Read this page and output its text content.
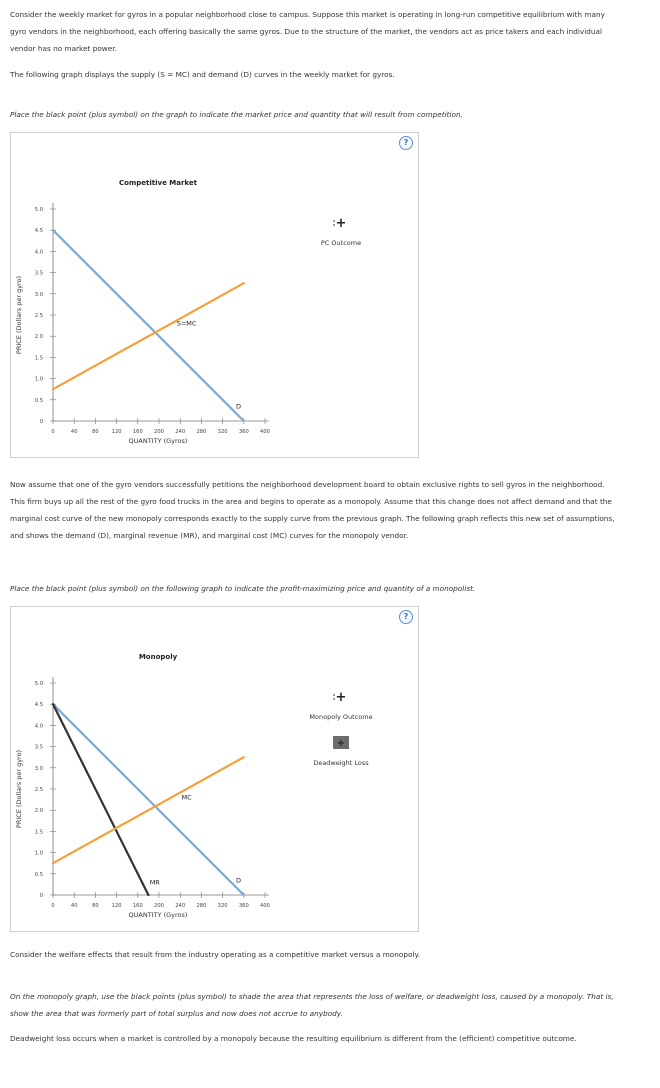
Consider the weekly market for gyros in a popular neighborhood close to campus. Suppose this market is operating in long-run competitive equilibrium with many gyro vendors in the neighborhood, each offering basically the same gyros. Due to the structure of the market, the vendors act as price takers and each individual vendor has no market power.

The following graph displays the supply (S = MC) and demand (D) curves in the weekly market for gyros.

Place the black point (plus symbol) on the graph to indicate the market price and quantity that will result from competition.

?
Competitive Market
0
0.5
1.0
1.5
2.0
2.5
3.0
3.5
4.0
4.5
5.0
0	40	80 120 160 200 240 280 320 360 400
PRICE (Dollars per gyro)
QUANTITY (Gyros)
S=MC
D
+
PC Outcome

Now assume that one of the gyro vendors successfully petitions the neighborhood development board to obtain exclusive rights to sell gyros in the neighborhood. This firm buys up all the rest of the gyro food trucks in the area and begins to operate as a monopoly. Assume that this change does not affect demand and that the marginal cost curve of the new monopoly corresponds exactly to the supply curve from the previous graph. The following graph reflects this new set of assumptions, and shows the demand (D), marginal revenue (MR), and marginal cost (MC) curves for the monopoly vendor.

Place the black point (plus symbol) on the following graph to indicate the profit-maximizing price and quantity of a monopolist.

?
Monopoly
0
0.5
1.0
1.5
2.0
2.5
3.0
3.5
4.0
4.5
5.0
0	40	80 120 160 200 240 280 320 360 400
PRICE (Dollars per gyro)
QUANTITY (Gyros)
MC
MR	D
+
Monopoly Outcome
+
Deadweight Loss

Consider the welfare effects that result from the industry operating as a competitive market versus a monopoly.

On the monopoly graph, use the black points (plus symbol) to shade the area that represents the loss of welfare, or deadweight loss, caused by a monopoly. That is, show the area that was formerly part of total surplus and now does not accrue to anybody.

Deadweight loss occurs when a market is controlled by a monopoly because the resulting equilibrium is different from the (efficient) competitive outcome.
